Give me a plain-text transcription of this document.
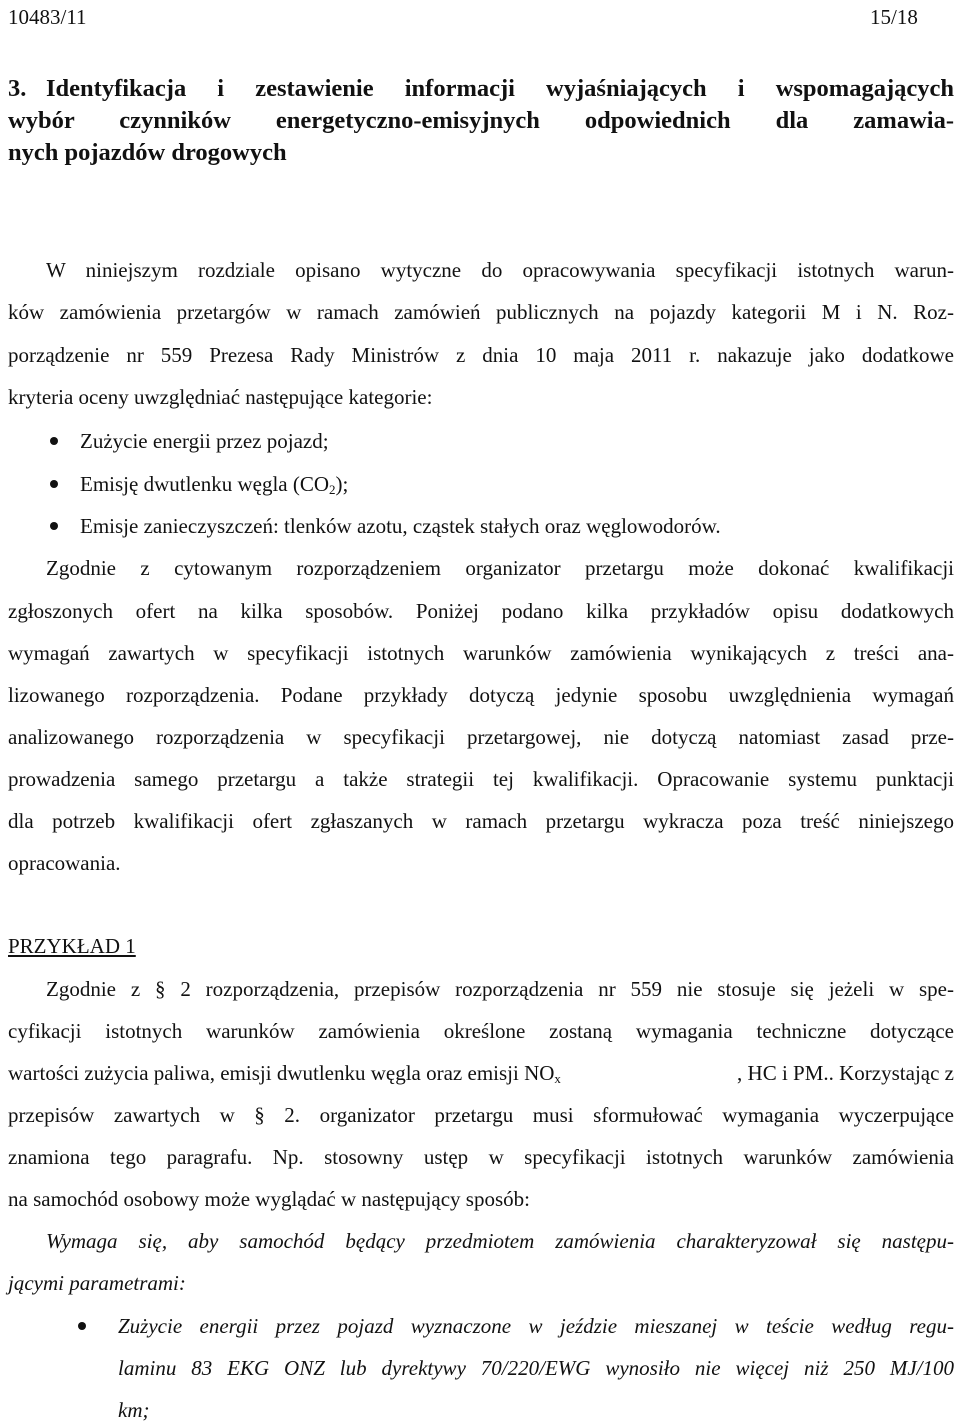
10483/11	15/18
3. Identyfikacja i zestawienie informacji wyjaśniających i wspomagających
wybór czynników energetyczno-emisyjnych odpowiednich dla zamawia-
nych pojazdów drogowych
W niniejszym rozdziale opisano wytyczne do opracowywania specyfikacji istotnych warun-
ków zamówienia przetargów w ramach zamówień publicznych na pojazdy kategorii M i N. Roz-
porządzenie nr 559 Prezesa Rady Ministrów z dnia 10 maja 2011 r. nakazuje jako dodatkowe
kryteria oceny uwzględniać następujące kategorie:
Zużycie energii przez pojazd;
Emisję dwutlenku węgla $(CO_2)$;
Emisje zanieczyszczeń: tlenków azotu, cząstek stałych oraz węglowodorów.
Zgodnie z cytowanym rozporządzeniem organizator przetargu może dokonać kwalifikacji
zgłoszonych ofert na kilka sposobów. Poniżej podano kilka przykładów opisu dodatkowych
wymagań zawartych w specyfikacji istotnych warunków zamówienia wynikających z treści ana-
lizowanego rozporządzenia. Podane przykłady dotyczą jedynie sposobu uwzględnienia wymagań
analizowanego rozporządzenia w specyfikacji przetargowej, nie dotyczą natomiast zasad prze-
prowadzenia samego przetargu a także strategii tej kwalifikacji. Opracowanie systemu punktacji
dla potrzeb kwalifikacji ofert zgłaszanych w ramach przetargu wykracza poza treść niniejszego
opracowania.
PRZYKŁAD 1
Zgodnie z § 2 rozporządzenia, przepisów rozporządzenia nr 559 nie stosuje się jeżeli w spe-
cyfikacji istotnych warunków zamówienia określone zostaną wymagania techniczne dotyczące
wartości zużycia paliwa, emisji dwutlenku węgla oraz emisji $NO_x$	, HC i PM.. Korzystając z
przepisów zawartych w § 2. organizator przetargu musi sformułować wymagania wyczerpujące
znamiona tego paragrafu. Np. stosowny ustęp w specyfikacji istotnych warunków zamówienia
na samochód osobowy może wyglądać w następujący sposób:
Wymaga się, aby samochód będący przedmiotem zamówienia charakteryzował się następu-
jącymi parametrami:
Zużycie energii przez pojazd wyznaczone w jeździe mieszanej w teście według regu-
laminu 83 EKG ONZ lub dyrektywy 70/220/EWG wynosiło nie więcej niż 250 MJ/100
km;
